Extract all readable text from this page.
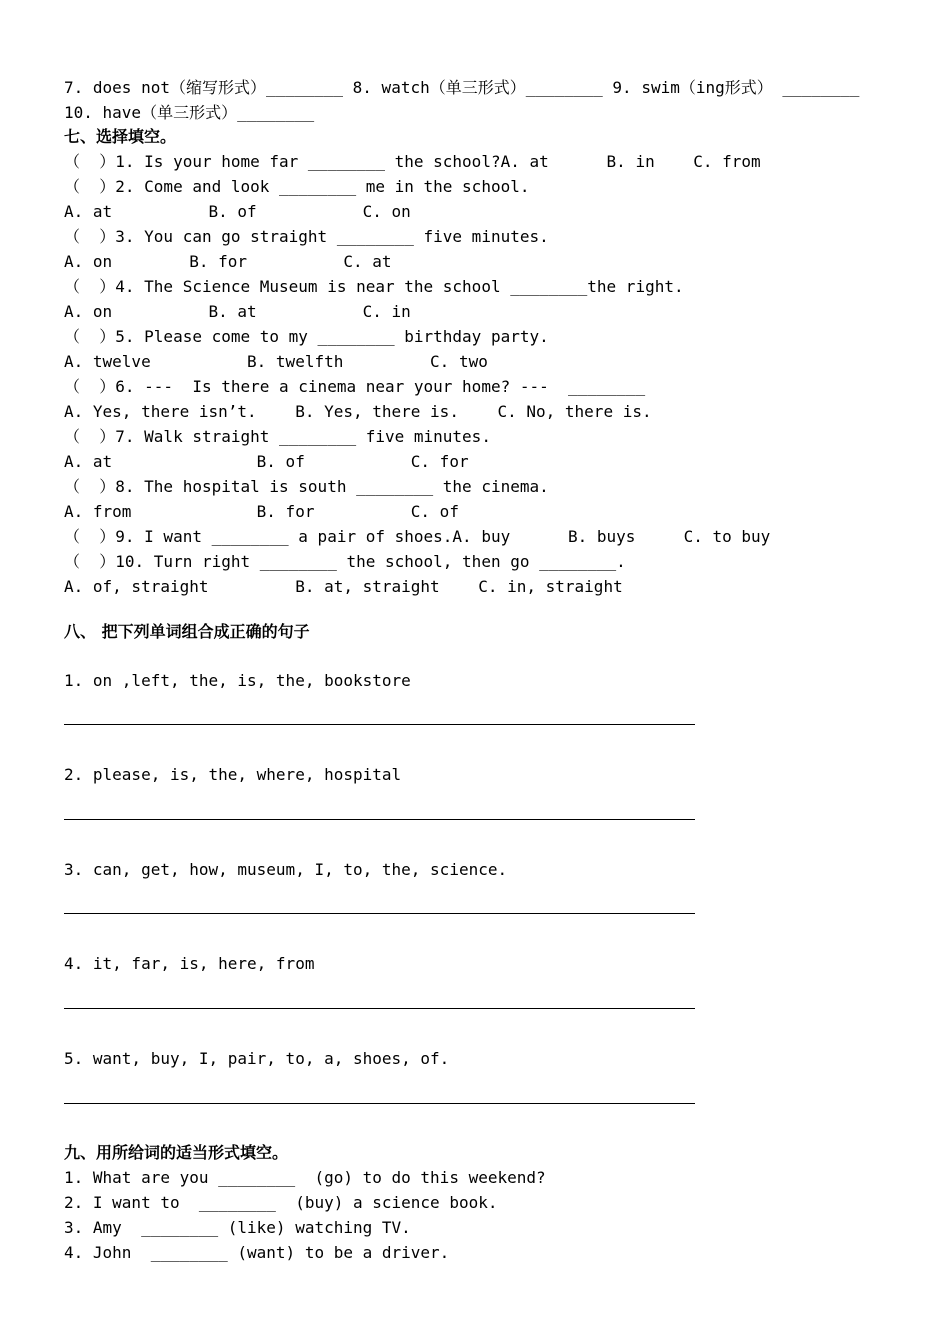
7. does not（缩写形式）________ 8. watch（单三形式）________ 9. swim（ing形式） ________
10. have（单三形式）________
七、选择填空。
（  ）1. Is your home far ________ the school?A. at      B. in    C. from
（  ）2. Come and look ________ me in the school.
A. at          B. of           C. on
（  ）3. You can go straight ________ five minutes.
A. on        B. for          C. at
（  ）4. The Science Museum is near the school ________the right.
A. on          B. at           C. in
（  ）5. Please come to my ________ birthday party.
A. twelve          B. twelfth         C. two
（  ）6. ---  Is there a cinema near your home? ---  ________
A. Yes, there isn’t.    B. Yes, there is.    C. No, there is.
（  ）7. Walk straight ________ five minutes.
A. at               B. of           C. for
（  ）8. The hospital is south ________ the cinema.
A. from             B. for          C. of
（  ）9. I want ________ a pair of shoes.A. buy      B. buys     C. to buy
（  ）10. Turn right ________ the school, then go ________.
A. of, straight         B. at, straight    C. in, straight
八、 把下列单词组合成正确的句子
1. on ,left, the, is, the, bookstore
2. please, is, the, where, hospital
3. can, get, how, museum, I, to, the, science.
4. it, far, is, here, from
5. want, buy, I, pair, to, a, shoes, of.
九、用所给词的适当形式填空。
1. What are you ________  (go) to do this weekend?
2. I want to  ________  (buy) a science book.
3. Amy  ________ (like) watching TV.
4. John  ________ (want) to be a driver.
